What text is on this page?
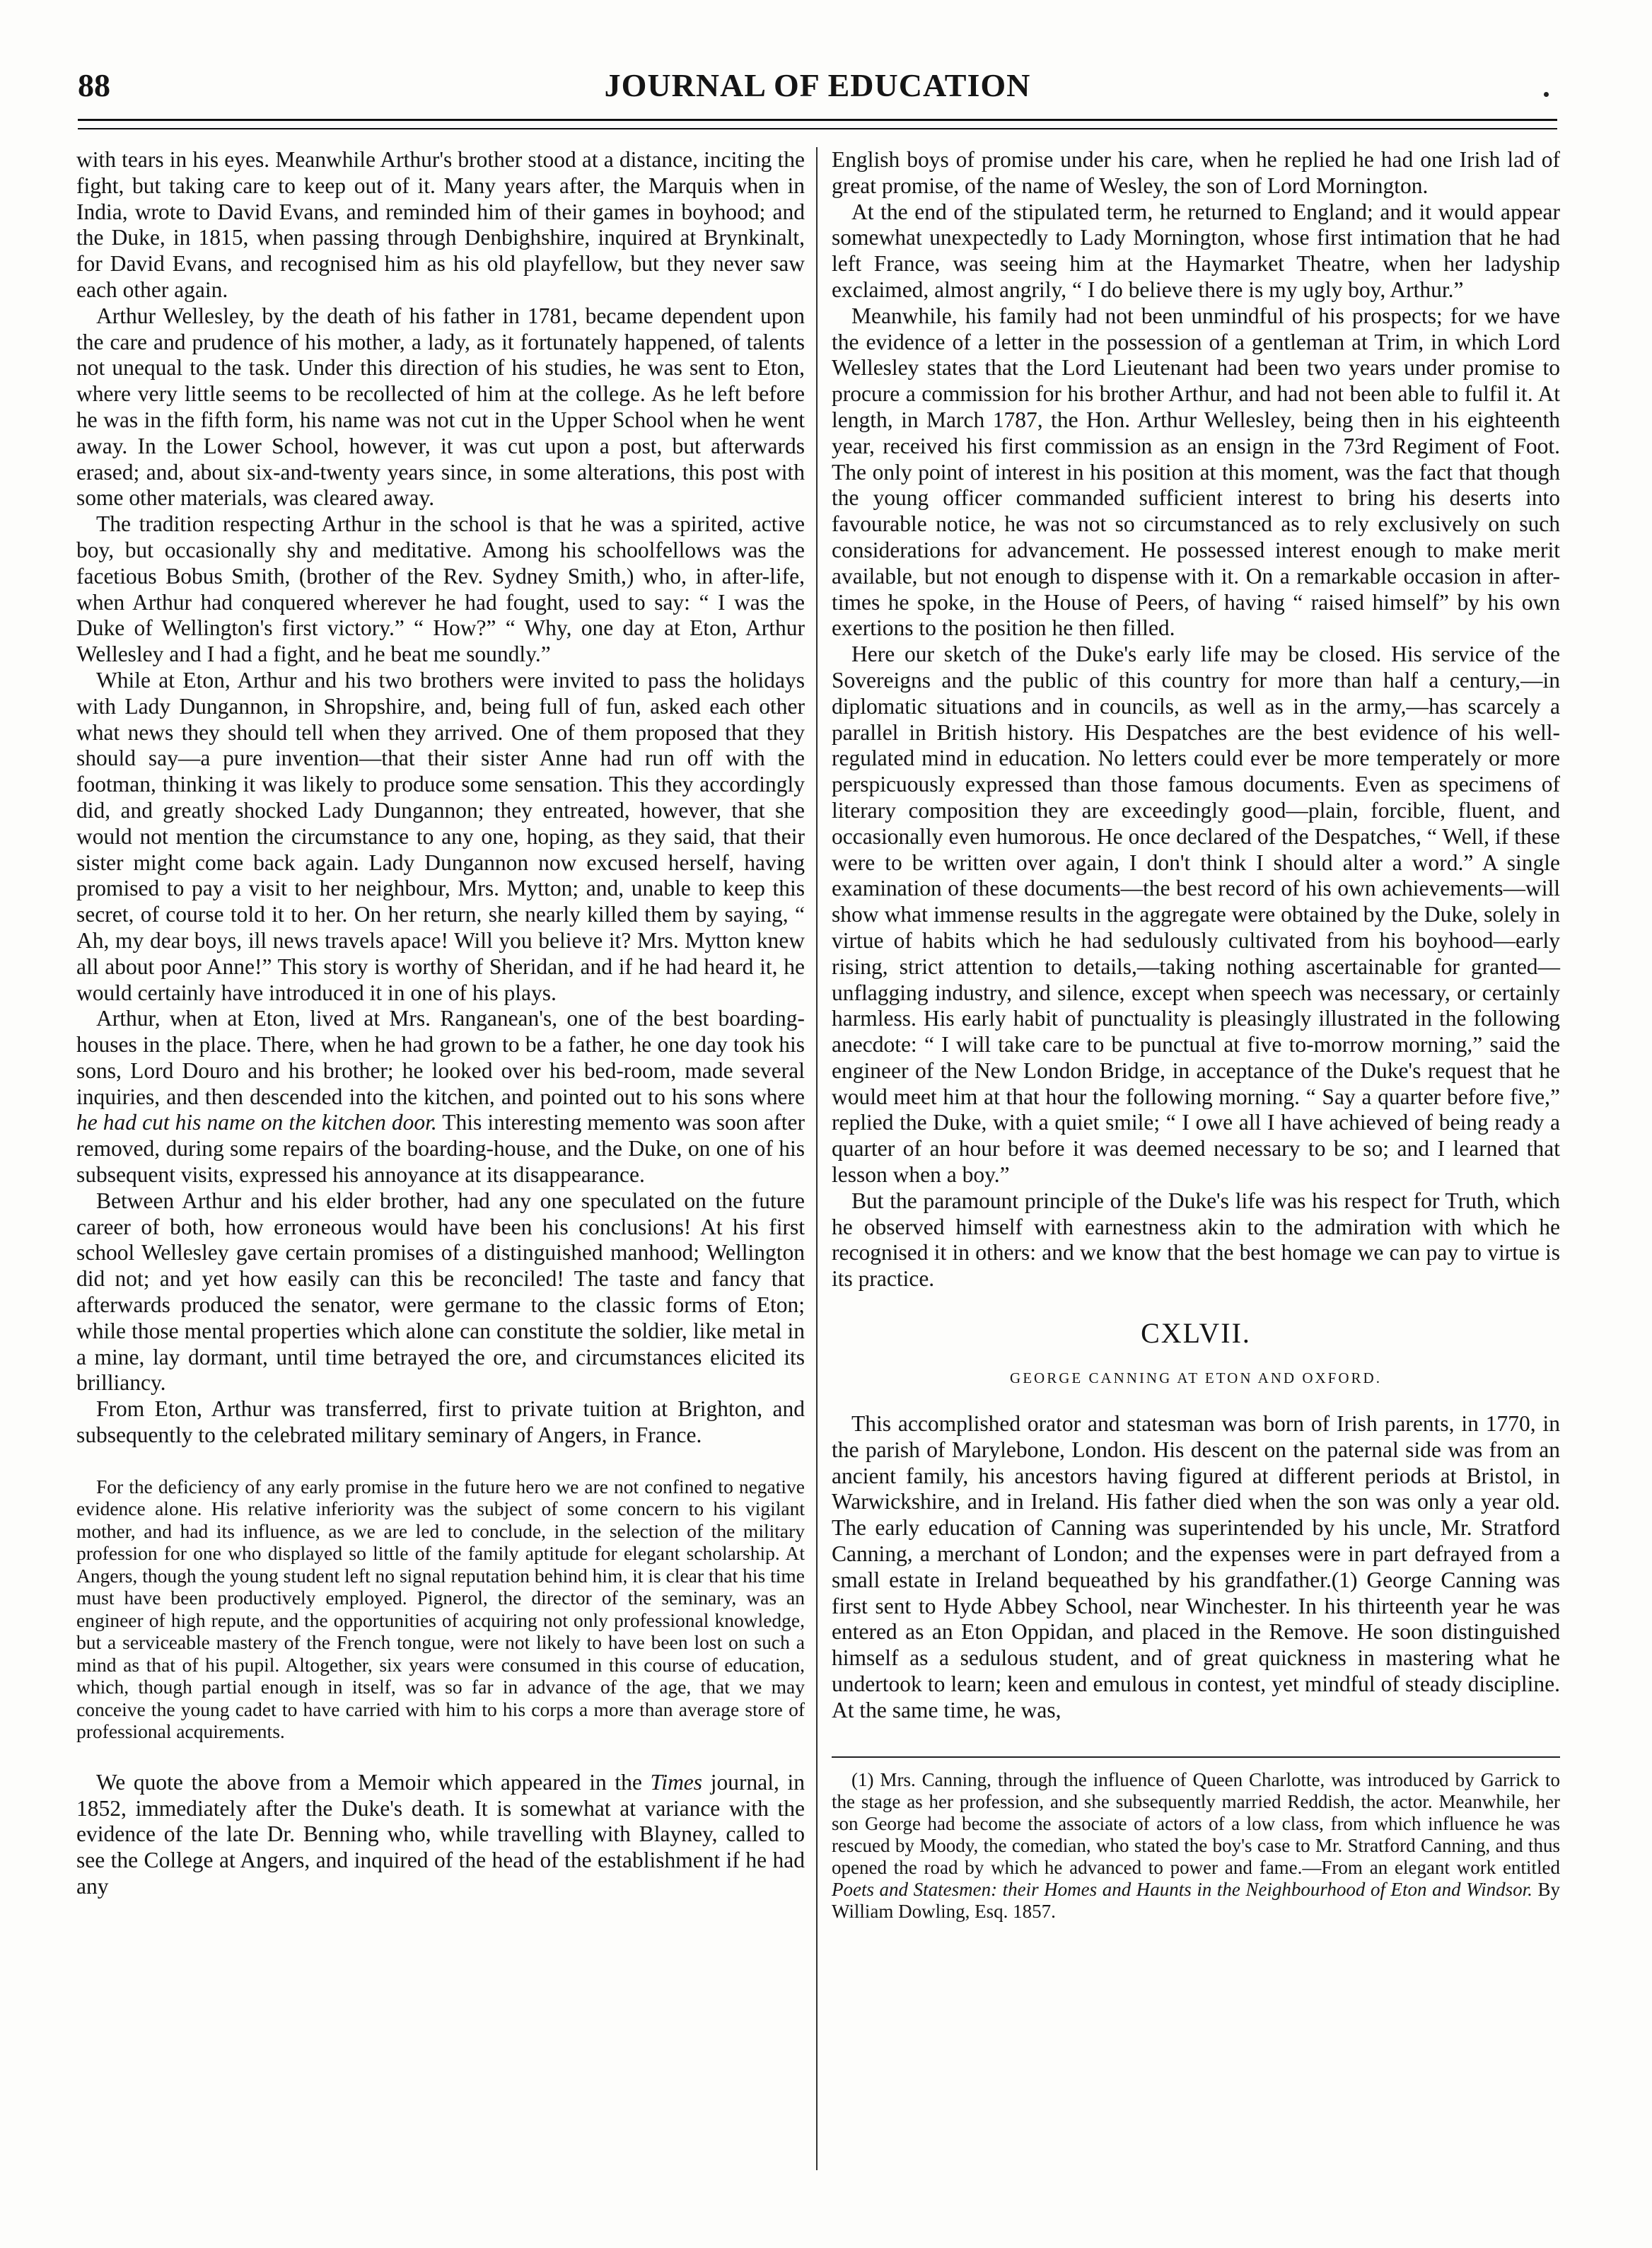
88	JOURNAL OF EDUCATION

with tears in his eyes. Meanwhile Arthur's brother stood at a distance, inciting the fight, but taking care to keep out of it. Many years after, the Marquis when in India, wrote to David Evans, and reminded him of their games in boyhood; and the Duke, in 1815, when passing through Denbighshire, inquired at Brynkinalt, for David Evans, and recognised him as his old playfellow, but they never saw each other again.

Arthur Wellesley, by the death of his father in 1781, became dependent upon the care and prudence of his mother, a lady, as it fortunately happened, of talents not unequal to the task. Under this direction of his studies, he was sent to Eton, where very little seems to be recollected of him at the college. As he left before he was in the fifth form, his name was not cut in the Upper School when he went away. In the Lower School, however, it was cut upon a post, but afterwards erased; and, about six-and-twenty years since, in some alterations, this post with some other materials, was cleared away.

The tradition respecting Arthur in the school is that he was a spirited, active boy, but occasionally shy and meditative. Among his schoolfellows was the facetious Bobus Smith, (brother of the Rev. Sydney Smith,) who, in after-life, when Arthur had conquered wherever he had fought, used to say: “ I was the Duke of Wellington's first victory.” “ How?” “ Why, one day at Eton, Arthur Wellesley and I had a fight, and he beat me soundly.”

While at Eton, Arthur and his two brothers were invited to pass the holidays with Lady Dungannon, in Shropshire, and, being full of fun, asked each other what news they should tell when they arrived. One of them proposed that they should say—a pure invention—that their sister Anne had run off with the footman, thinking it was likely to produce some sensation. This they accordingly did, and greatly shocked Lady Dungannon; they entreated, however, that she would not mention the circumstance to any one, hoping, as they said, that their sister might come back again. Lady Dungannon now excused herself, having promised to pay a visit to her neighbour, Mrs. Mytton; and, unable to keep this secret, of course told it to her. On her return, she nearly killed them by saying, “ Ah, my dear boys, ill news travels apace! Will you believe it? Mrs. Mytton knew all about poor Anne!” This story is worthy of Sheridan, and if he had heard it, he would certainly have introduced it in one of his plays.

Arthur, when at Eton, lived at Mrs. Ranganean's, one of the best boarding-houses in the place. There, when he had grown to be a father, he one day took his sons, Lord Douro and his brother; he looked over his bed-room, made several inquiries, and then descended into the kitchen, and pointed out to his sons where he had cut his name on the kitchen door. This interesting memento was soon after removed, during some repairs of the boarding-house, and the Duke, on one of his subsequent visits, expressed his annoyance at its disappearance.

Between Arthur and his elder brother, had any one speculated on the future career of both, how erroneous would have been his conclusions! At his first school Wellesley gave certain promises of a distinguished manhood; Wellington did not; and yet how easily can this be reconciled! The taste and fancy that afterwards produced the senator, were germane to the classic forms of Eton; while those mental properties which alone can constitute the soldier, like metal in a mine, lay dormant, until time betrayed the ore, and circumstances elicited its brilliancy.

From Eton, Arthur was transferred, first to private tuition at Brighton, and subsequently to the celebrated military seminary of Angers, in France.

For the deficiency of any early promise in the future hero we are not confined to negative evidence alone. His relative inferiority was the subject of some concern to his vigilant mother, and had its influence, as we are led to conclude, in the selection of the military profession for one who displayed so little of the family aptitude for elegant scholarship. At Angers, though the young student left no signal reputation behind him, it is clear that his time must have been productively employed. Pignerol, the director of the seminary, was an engineer of high repute, and the opportunities of acquiring not only professional knowledge, but a serviceable mastery of the French tongue, were not likely to have been lost on such a mind as that of his pupil. Altogether, six years were consumed in this course of education, which, though partial enough in itself, was so far in advance of the age, that we may conceive the young cadet to have carried with him to his corps a more than average store of professional acquirements.

We quote the above from a Memoir which appeared in the Times journal, in 1852, immediately after the Duke's death. It is somewhat at variance with the evidence of the late Dr. Benning who, while travelling with Blayney, called to see the College at Angers, and inquired of the head of the establishment if he had any

English boys of promise under his care, when he replied he had one Irish lad of great promise, of the name of Wesley, the son of Lord Mornington.

At the end of the stipulated term, he returned to England; and it would appear somewhat unexpectedly to Lady Mornington, whose first intimation that he had left France, was seeing him at the Haymarket Theatre, when her ladyship exclaimed, almost angrily, “ I do believe there is my ugly boy, Arthur.”

Meanwhile, his family had not been unmindful of his prospects; for we have the evidence of a letter in the possession of a gentleman at Trim, in which Lord Wellesley states that the Lord Lieutenant had been two years under promise to procure a commission for his brother Arthur, and had not been able to fulfil it. At length, in March 1787, the Hon. Arthur Wellesley, being then in his eighteenth year, received his first commission as an ensign in the 73rd Regiment of Foot. The only point of interest in his position at this moment, was the fact that though the young officer commanded sufficient interest to bring his deserts into favourable notice, he was not so circumstanced as to rely exclusively on such considerations for advancement. He possessed interest enough to make merit available, but not enough to dispense with it. On a remarkable occasion in after-times he spoke, in the House of Peers, of having “ raised himself” by his own exertions to the position he then filled.

Here our sketch of the Duke's early life may be closed. His service of the Sovereigns and the public of this country for more than half a century,—in diplomatic situations and in councils, as well as in the army,—has scarcely a parallel in British history. His Despatches are the best evidence of his well-regulated mind in education. No letters could ever be more temperately or more perspicuously expressed than those famous documents. Even as specimens of literary composition they are exceedingly good—plain, forcible, fluent, and occasionally even humorous. He once declared of the Despatches, “ Well, if these were to be written over again, I don't think I should alter a word.” A single examination of these documents—the best record of his own achievements—will show what immense results in the aggregate were obtained by the Duke, solely in virtue of habits which he had sedulously cultivated from his boyhood—early rising, strict attention to details,—taking nothing ascertainable for granted—unflagging industry, and silence, except when speech was necessary, or certainly harmless. His early habit of punctuality is pleasingly illustrated in the following anecdote: “ I will take care to be punctual at five to-morrow morning,” said the engineer of the New London Bridge, in acceptance of the Duke's request that he would meet him at that hour the following morning. “ Say a quarter before five,” replied the Duke, with a quiet smile; “ I owe all I have achieved of being ready a quarter of an hour before it was deemed necessary to be so; and I learned that lesson when a boy.”

But the paramount principle of the Duke's life was his respect for Truth, which he observed himself with earnestness akin to the admiration with which he recognised it in others: and we know that the best homage we can pay to virtue is its practice.

CXLVII.
GEORGE CANNING AT ETON AND OXFORD.

This accomplished orator and statesman was born of Irish parents, in 1770, in the parish of Marylebone, London. His descent on the paternal side was from an ancient family, his ancestors having figured at different periods at Bristol, in Warwickshire, and in Ireland. His father died when the son was only a year old. The early education of Canning was superintended by his uncle, Mr. Stratford Canning, a merchant of London; and the expenses were in part defrayed from a small estate in Ireland bequeathed by his grandfather.(1) George Canning was first sent to Hyde Abbey School, near Winchester. In his thirteenth year he was entered as an Eton Oppidan, and placed in the Remove. He soon distinguished himself as a sedulous student, and of great quickness in mastering what he undertook to learn; keen and emulous in contest, yet mindful of steady discipline. At the same time, he was,

(1) Mrs. Canning, through the influence of Queen Charlotte, was introduced by Garrick to the stage as her profession, and she subsequently married Reddish, the actor. Meanwhile, her son George had become the associate of actors of a low class, from which influence he was rescued by Moody, the comedian, who stated the boy's case to Mr. Stratford Canning, and thus opened the road by which he advanced to power and fame.—From an elegant work entitled Poets and Statesmen: their Homes and Haunts in the Neighbourhood of Eton and Windsor. By William Dowling, Esq. 1857.
